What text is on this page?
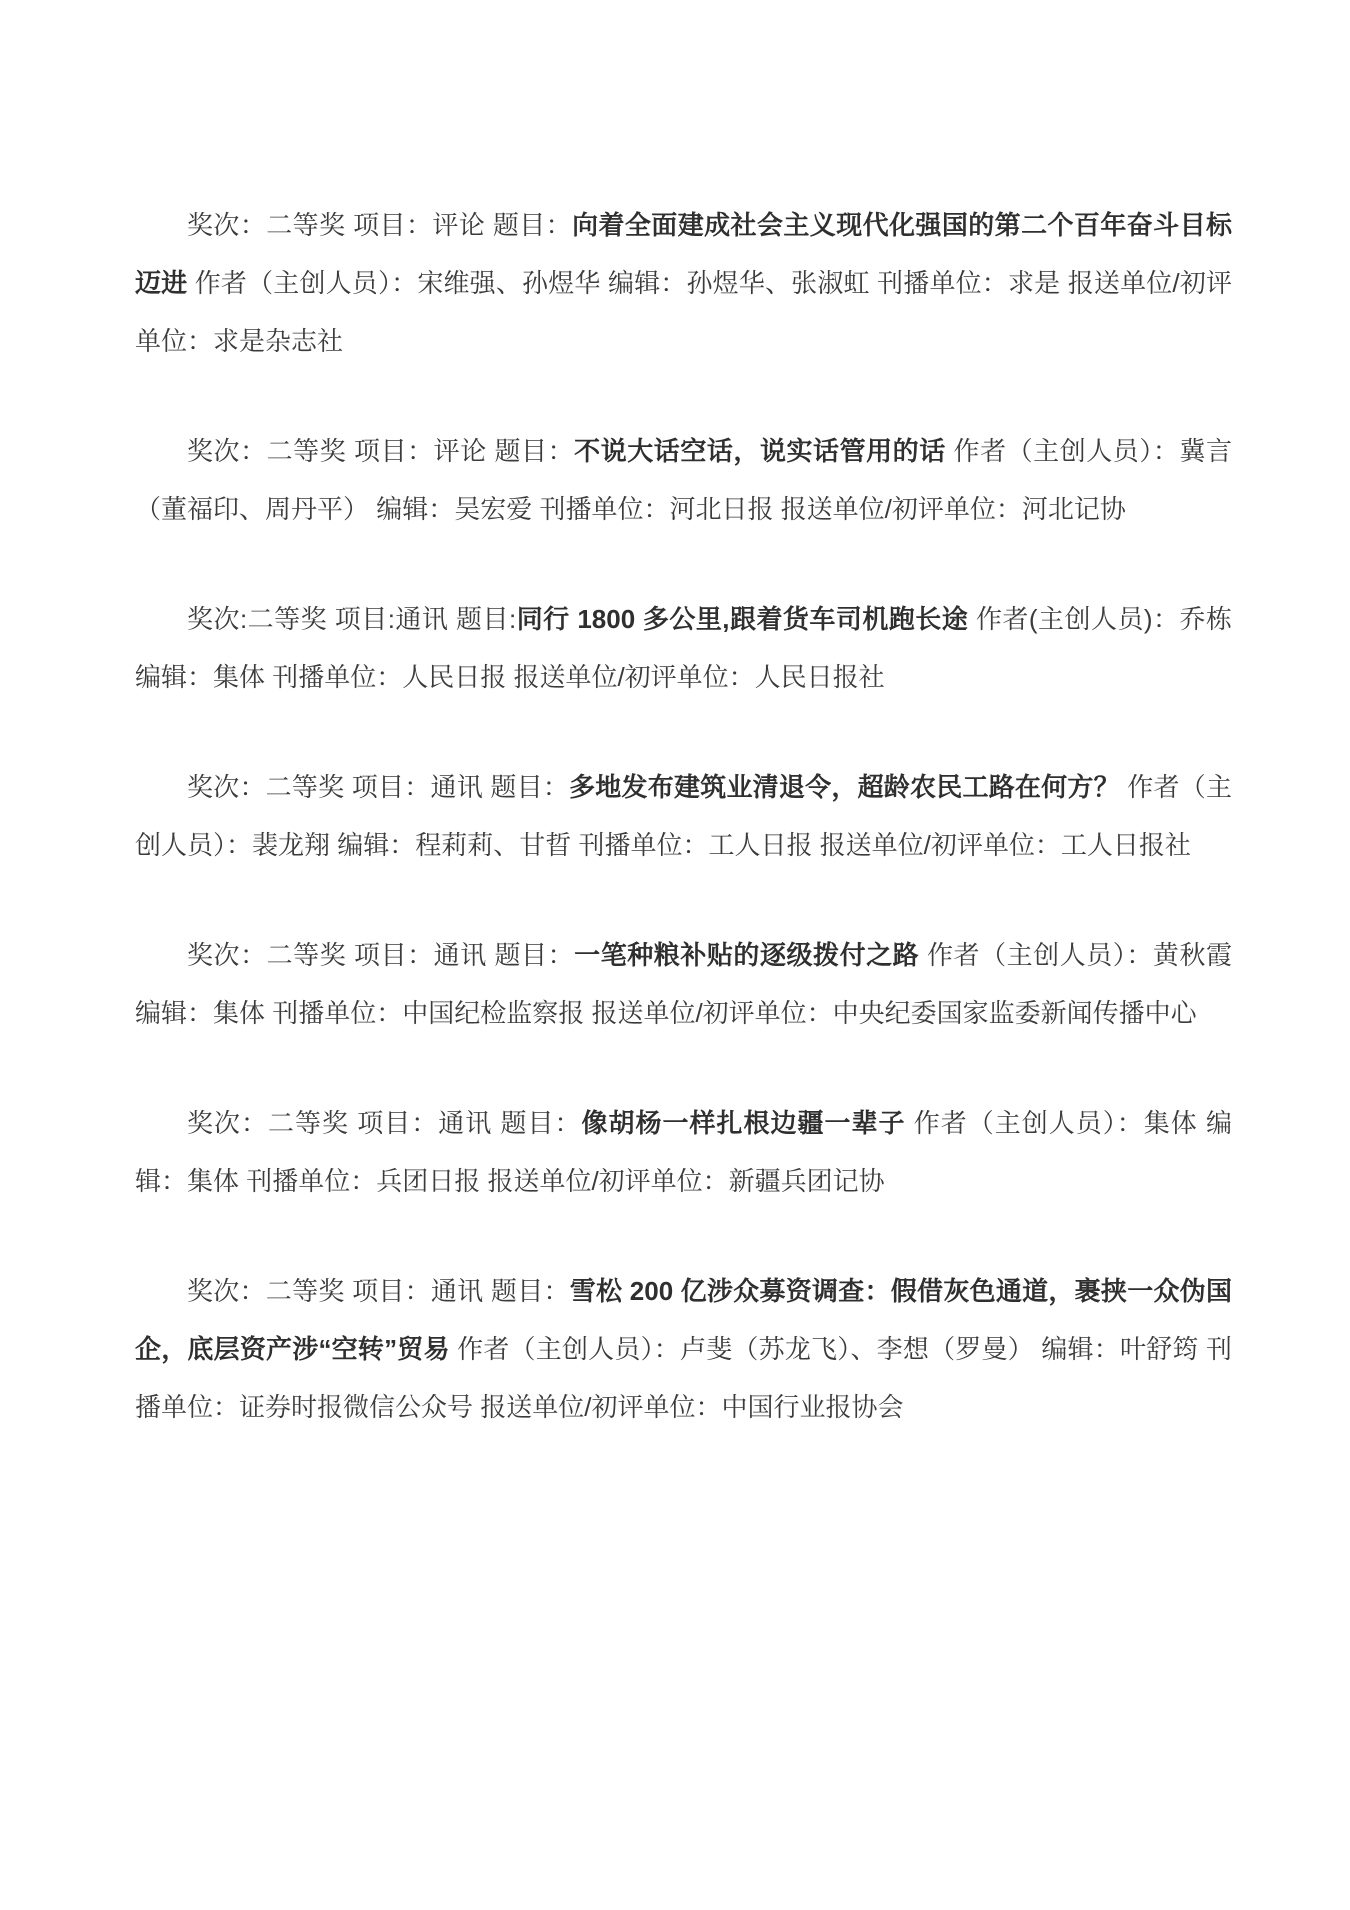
奖次：二等奖 项目：评论 题目：向着全面建成社会主义现代化强国的第二个百年奋斗目标迈进 作者（主创人员）：宋维强、孙煜华 编辑：孙煜华、张淑虹 刊播单位：求是 报送单位/初评单位：求是杂志社

奖次：二等奖 项目：评论 题目：不说大话空话，说实话管用的话 作者（主创人员）：冀言（董福印、周丹平） 编辑：吴宏爱 刊播单位：河北日报 报送单位/初评单位：河北记协

奖次:二等奖 项目:通讯 题目:同行 1800 多公里,跟着货车司机跑长途 作者(主创人员)：乔栋 编辑：集体 刊播单位：人民日报 报送单位/初评单位：人民日报社

奖次：二等奖 项目：通讯 题目：多地发布建筑业清退令，超龄农民工路在何方？ 作者（主创人员）：裴龙翔 编辑：程莉莉、甘晢 刊播单位：工人日报 报送单位/初评单位：工人日报社

奖次：二等奖 项目：通讯 题目：一笔种粮补贴的逐级拨付之路 作者（主创人员）：黄秋霞 编辑：集体 刊播单位：中国纪检监察报 报送单位/初评单位：中央纪委国家监委新闻传播中心

奖次：二等奖 项目：通讯 题目：像胡杨一样扎根边疆一辈子 作者（主创人员）：集体 编辑：集体 刊播单位：兵团日报 报送单位/初评单位：新疆兵团记协

奖次：二等奖 项目：通讯 题目：雪松 200 亿涉众募资调查：假借灰色通道，裹挟一众伪国企，底层资产涉“空转”贸易 作者（主创人员）：卢斐（苏龙飞）、李想（罗曼） 编辑：叶舒筠 刊播单位：证券时报微信公众号 报送单位/初评单位：中国行业报协会
